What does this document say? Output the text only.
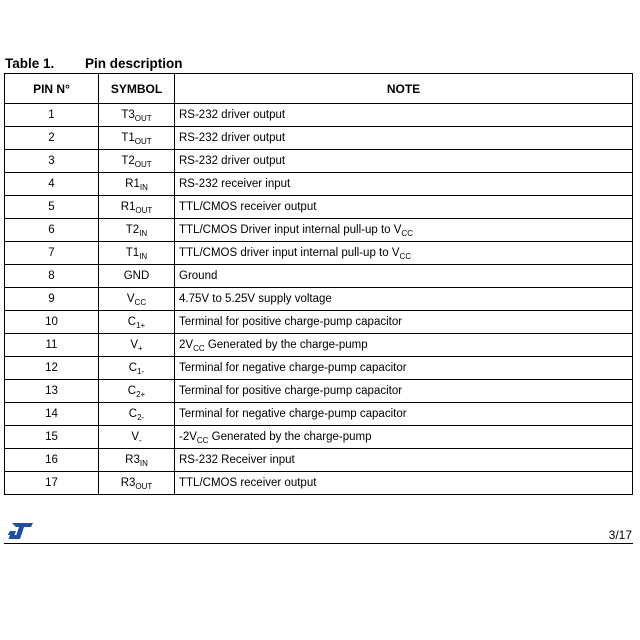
Table 1. Pin description
PIN N°	SYMBOL	NOTE
1	$T3_{OUT}$	RS-232 driver output
2	$T1_{OUT}$	RS-232 driver output
3	$T2_{OUT}$	RS-232 driver output
4	$R1_{IN}$	RS-232 receiver input
5	$R1_{OUT}$	TTL/CMOS receiver output
6	$T2_{IN}$	TTL/CMOS Driver input internal pull-up to $V_{CC}$
7	$T1_{IN}$	TTL/CMOS driver input internal pull-up to $V_{CC}$
8	GND	Ground
9	$V_{CC}$	4.75V to 5.25V supply voltage
10	$C_{1+}$	Terminal for positive charge-pump capacitor
11	$V_+$	$2V_{CC}$ Generated by the charge-pump
12	$C_{1-}$	Terminal for negative charge-pump capacitor
13	$C_{2+}$	Terminal for positive charge-pump capacitor
14	$C_{2-}$	Terminal for negative charge-pump capacitor
15	$V_-$	$-2V_{CC}$ Generated by the charge-pump
16	$R3_{IN}$	RS-232 Receiver input
17	$R3_{OUT}$	TTL/CMOS receiver output
3/17
